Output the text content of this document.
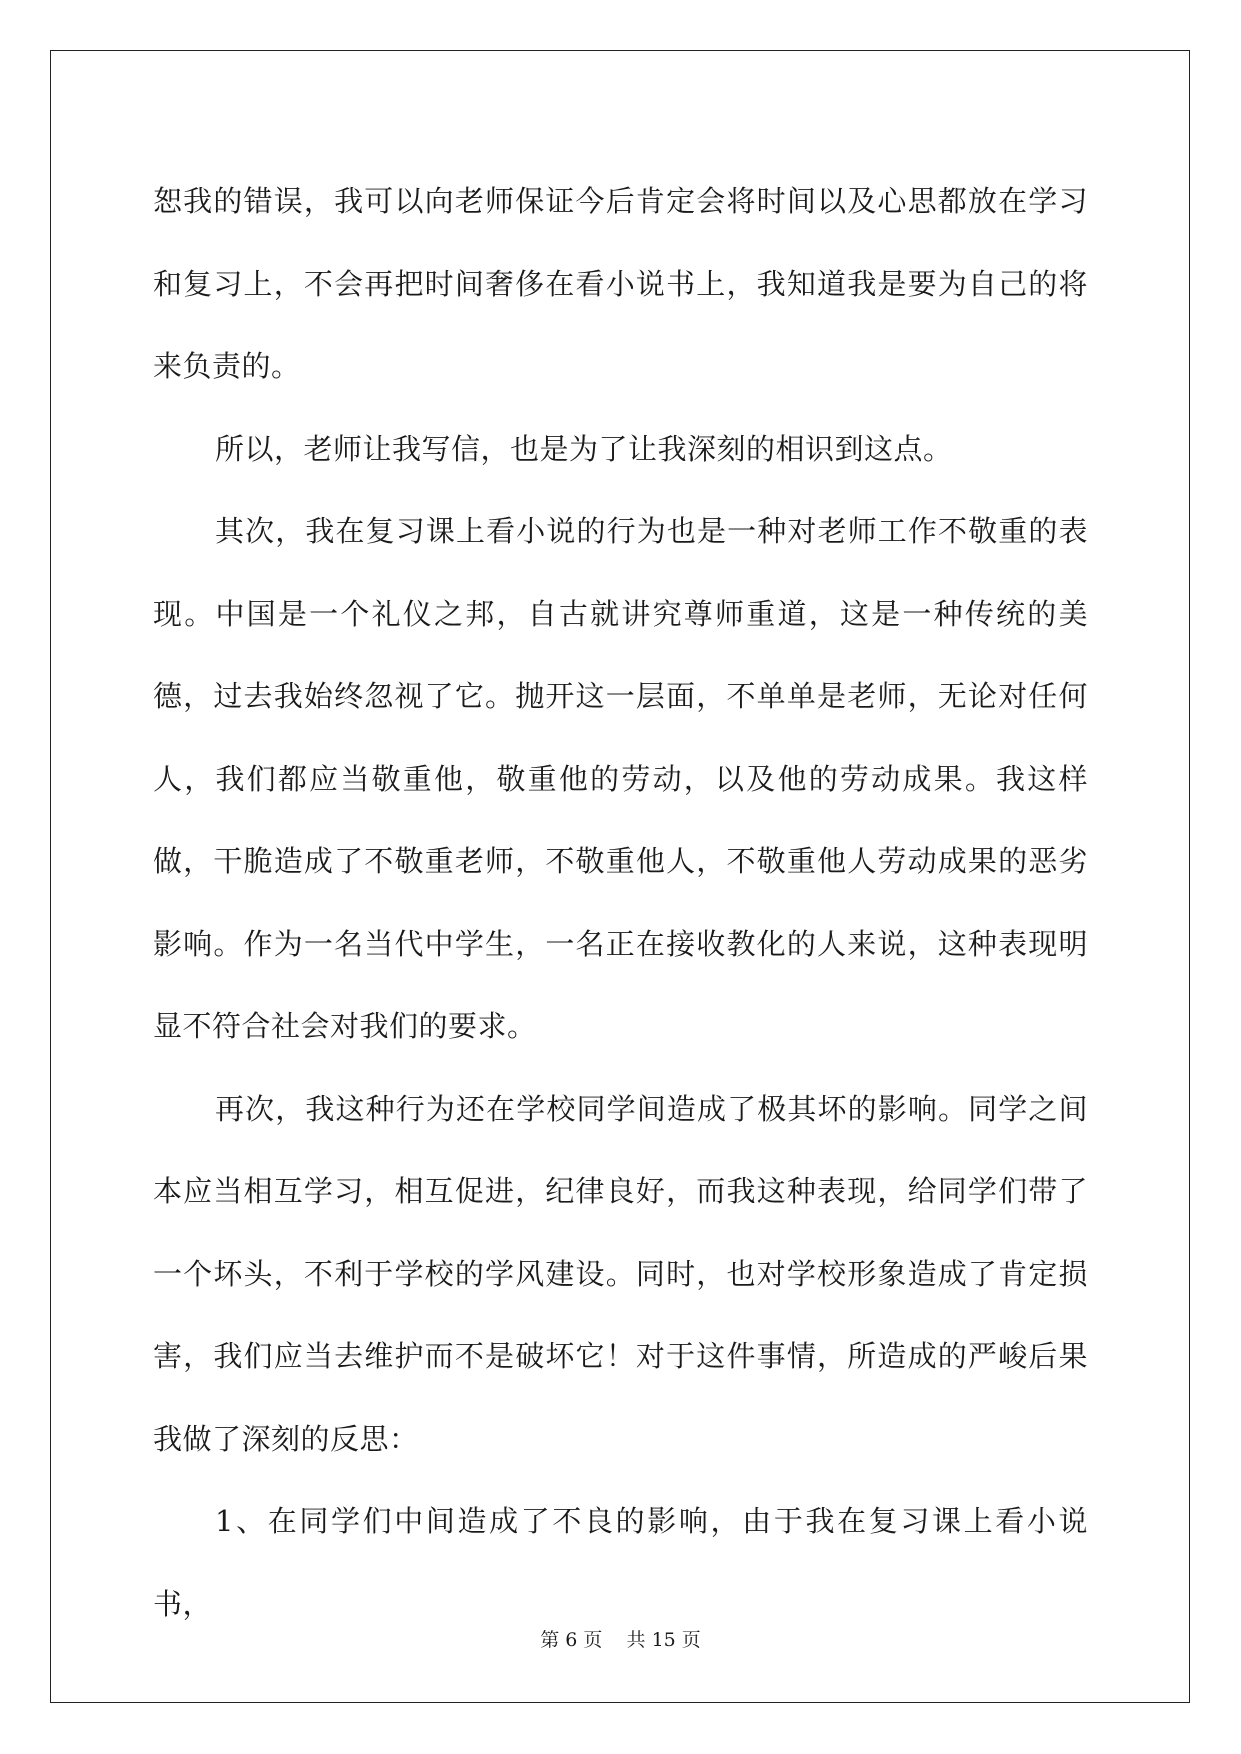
恕我的错误，我可以向老师保证今后肯定会将时间以及心思都放在学习和复习上，不会再把时间奢侈在看小说书上，我知道我是要为自己的将来负责的。

所以，老师让我写信，也是为了让我深刻的相识到这点。

其次，我在复习课上看小说的行为也是一种对老师工作不敬重的表现。中国是一个礼仪之邦，自古就讲究尊师重道，这是一种传统的美德，过去我始终忽视了它。抛开这一层面，不单单是老师，无论对任何人，我们都应当敬重他，敬重他的劳动，以及他的劳动成果。我这样做，干脆造成了不敬重老师，不敬重他人，不敬重他人劳动成果的恶劣影响。作为一名当代中学生，一名正在接收教化的人来说，这种表现明显不符合社会对我们的要求。

再次，我这种行为还在学校同学间造成了极其坏的影响。同学之间本应当相互学习，相互促进，纪律良好，而我这种表现，给同学们带了一个坏头，不利于学校的学风建设。同时，也对学校形象造成了肯定损害，我们应当去维护而不是破坏它！对于这件事情，所造成的严峻后果我做了深刻的反思：

1、在同学们中间造成了不良的影响，由于我在复习课上看小说书，

第 6 页 共 15 页
